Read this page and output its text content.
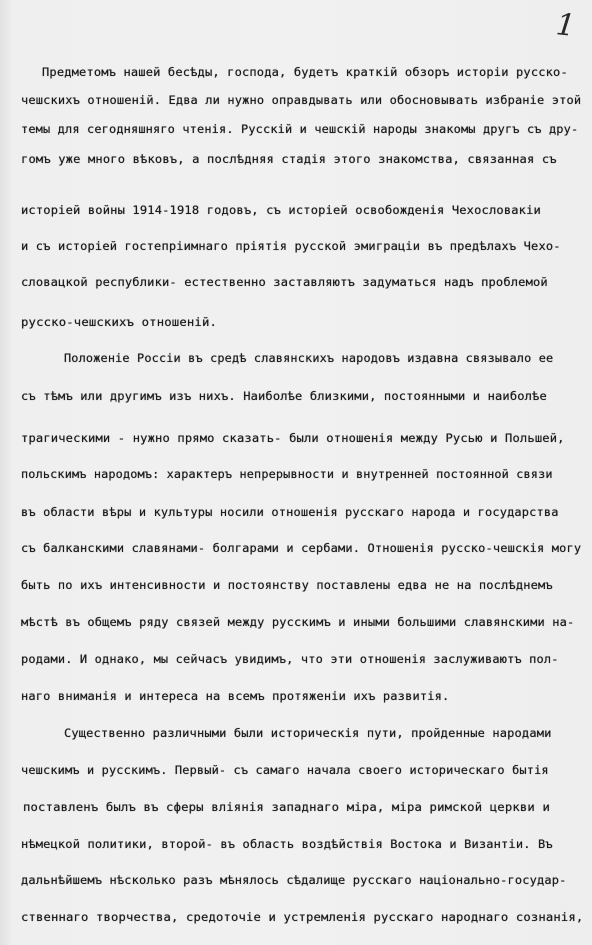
1
Предметомъ нашей бесѣды, господа, будетъ краткій обзоръ исторіи русско-
чешскихъ отношеній. Едва ли нужно оправдывать или обосновывать избраніе этой
темы для сегодняшняго чтенія. Русскій и чешскій народы знакомы другъ съ дру-
гомъ уже много вѣковъ, а послѣдняя стадія этого знакомства, связанная съ
исторіей войны 1914-1918 годовъ, съ исторіей освобожденія Чехословакіи
и съ исторіей гостепріимнаго пріятія русской эмиграціи въ предѣлахъ Чехо-
словацкой республики- естественно заставляютъ задуматься надъ проблемой
русско-чешскихъ отношеній.
Положеніе Россіи въ средѣ славянскихъ народовъ издавна связывало ее
съ тѣмъ или другимъ изъ нихъ. Наиболѣе близкими, постоянными и наиболѣе
трагическими - нужно прямо сказать- были отношенія между Русью и Польшей,
польскимъ народомъ: характеръ непрерывности и внутренней постоянной связи
въ области вѣры и культуры носили отношенія русскаго народа и государства
съ балканскими славянами- болгарами и сербами. Отношенія русско-чешскія могу
быть по ихъ интенсивности и постоянству поставлены едва не на послѣднемъ
мѣстѣ въ общемъ ряду связей между русскимъ и иными большими славянскими на-
родами. И однако, мы сейчасъ увидимъ, что эти отношенія заслуживаютъ пол-
наго вниманія и интереса на всемъ протяженіи ихъ развитія.
Существенно различными были историческія пути, пройденные народами
чешскимъ и русскимъ. Первый- съ самаго начала своего историческаго бытія
поставленъ былъ въ сферы вліянія западнаго міра, міра римской церкви и
нѣмецкой политики, второй- въ область воздѣйствія Востока и Византіи. Въ
дальнѣйшемъ нѣсколько разъ мѣнялось сѣдалище русскаго національно-государ-
ственнаго творчества, средоточіе и устремленія русскаго народнаго сознанія,
